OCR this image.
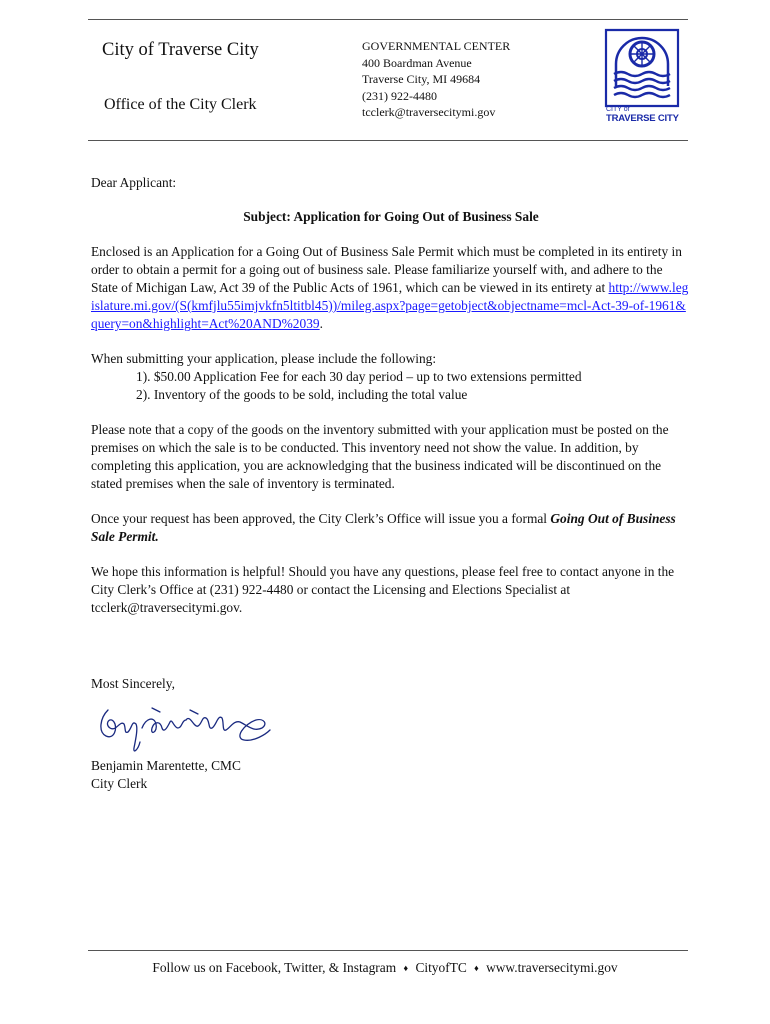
City of Traverse City
Office of the City Clerk
GOVERNMENTAL CENTER
400 Boardman Avenue
Traverse City, MI 49684
(231) 922-4480
tcclerk@traversecitymi.gov	CITY of
TRAVERSE CITY

Dear Applicant:

Subject: Application for Going Out of Business Sale

Enclosed is an Application for a Going Out of Business Sale Permit which must be completed in its entirety in order to obtain a permit for a going out of business sale. Please familiarize yourself with, and adhere to the State of Michigan Law, Act 39 of the Public Acts of 1961, which can be viewed in its entirety at http://www.legislature.mi.gov/(S(kmfjlu55imjvkfn5ltitbl45))/mileg.aspx?page=getobject&objectname=mcl-Act-39-of-1961&query=on&highlight=Act%20AND%2039.

When submitting your application, please include the following:

1). $50.00 Application Fee for each 30 day period – up to two extensions permitted

2). Inventory of the goods to be sold, including the total value

Please note that a copy of the goods on the inventory submitted with your application must be posted on the premises on which the sale is to be conducted. This inventory need not show the value. In addition, by completing this application, you are acknowledging that the business indicated will be discontinued on the stated premises when the sale of inventory is terminated.

Once your request has been approved, the City Clerk’s Office will issue you a formal Going Out of Business Sale Permit.

We hope this information is helpful! Should you have any questions, please feel free to contact anyone in the City Clerk’s Office at (231) 922-4480 or contact the Licensing and Elections Specialist at tcclerk@traversecitymi.gov.

Most Sincerely,
Benjamin Marentette, CMC
City Clerk
Follow us on Facebook, Twitter, & Instagram ♦ CityofTC ♦ www.traversecitymi.gov
